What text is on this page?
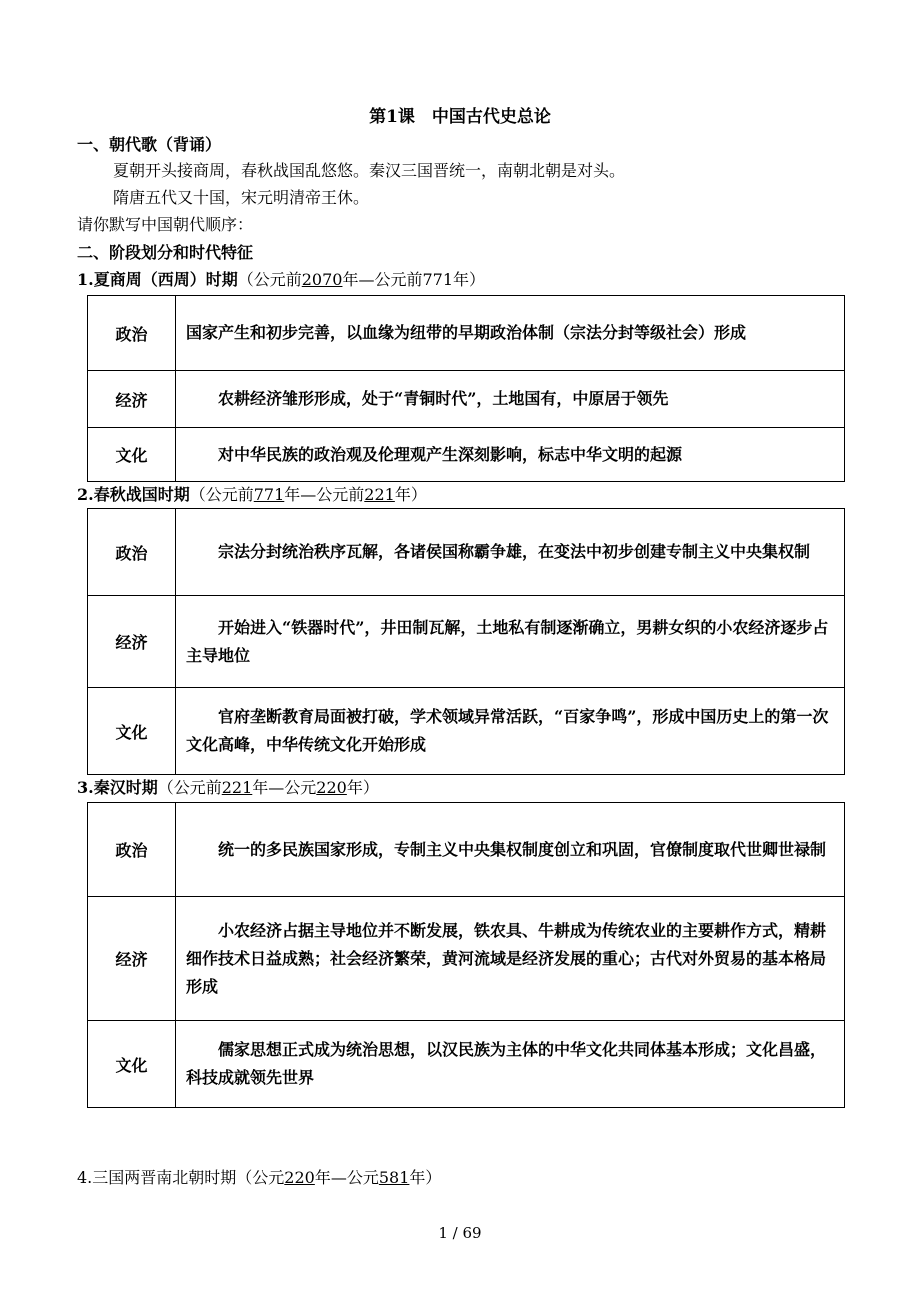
第1课　中国古代史总论
一、朝代歌（背诵）
夏朝开头接商周，春秋战国乱悠悠。秦汉三国晋统一，南朝北朝是对头。
隋唐五代又十国，宋元明清帝王休。
请你默写中国朝代顺序：
二、阶段划分和时代特征
1.夏商周（西周）时期（公元前2070年—公元前771年）
政治	国家产生和初步完善，以血缘为纽带的早期政治体制（宗法分封等级社会）形成
经济	农耕经济雏形形成，处于“青铜时代”，土地国有，中原居于领先
文化	对中华民族的政治观及伦理观产生深刻影响，标志中华文明的起源
2.春秋战国时期（公元前771年—公元前221年）
政治	宗法分封统治秩序瓦解，各诸侯国称霸争雄，在变法中初步创建专制主义中央集权制
经济	开始进入“铁器时代”，井田制瓦解，土地私有制逐渐确立，男耕女织的小农经济逐步占主导地位
文化	官府垄断教育局面被打破，学术领域异常活跃，“百家争鸣”，形成中国历史上的第一次文化高峰，中华传统文化开始形成
3.秦汉时期（公元前221年—公元220年）
政治	统一的多民族国家形成，专制主义中央集权制度创立和巩固，官僚制度取代世卿世禄制
经济	小农经济占据主导地位并不断发展，铁农具、牛耕成为传统农业的主要耕作方式，精耕细作技术日益成熟；社会经济繁荣，黄河流域是经济发展的重心；古代对外贸易的基本格局形成
文化	儒家思想正式成为统治思想，以汉民族为主体的中华文化共同体基本形成；文化昌盛，科技成就领先世界
4.三国两晋南北朝时期（公元220年—公元581年）
1 / 69
